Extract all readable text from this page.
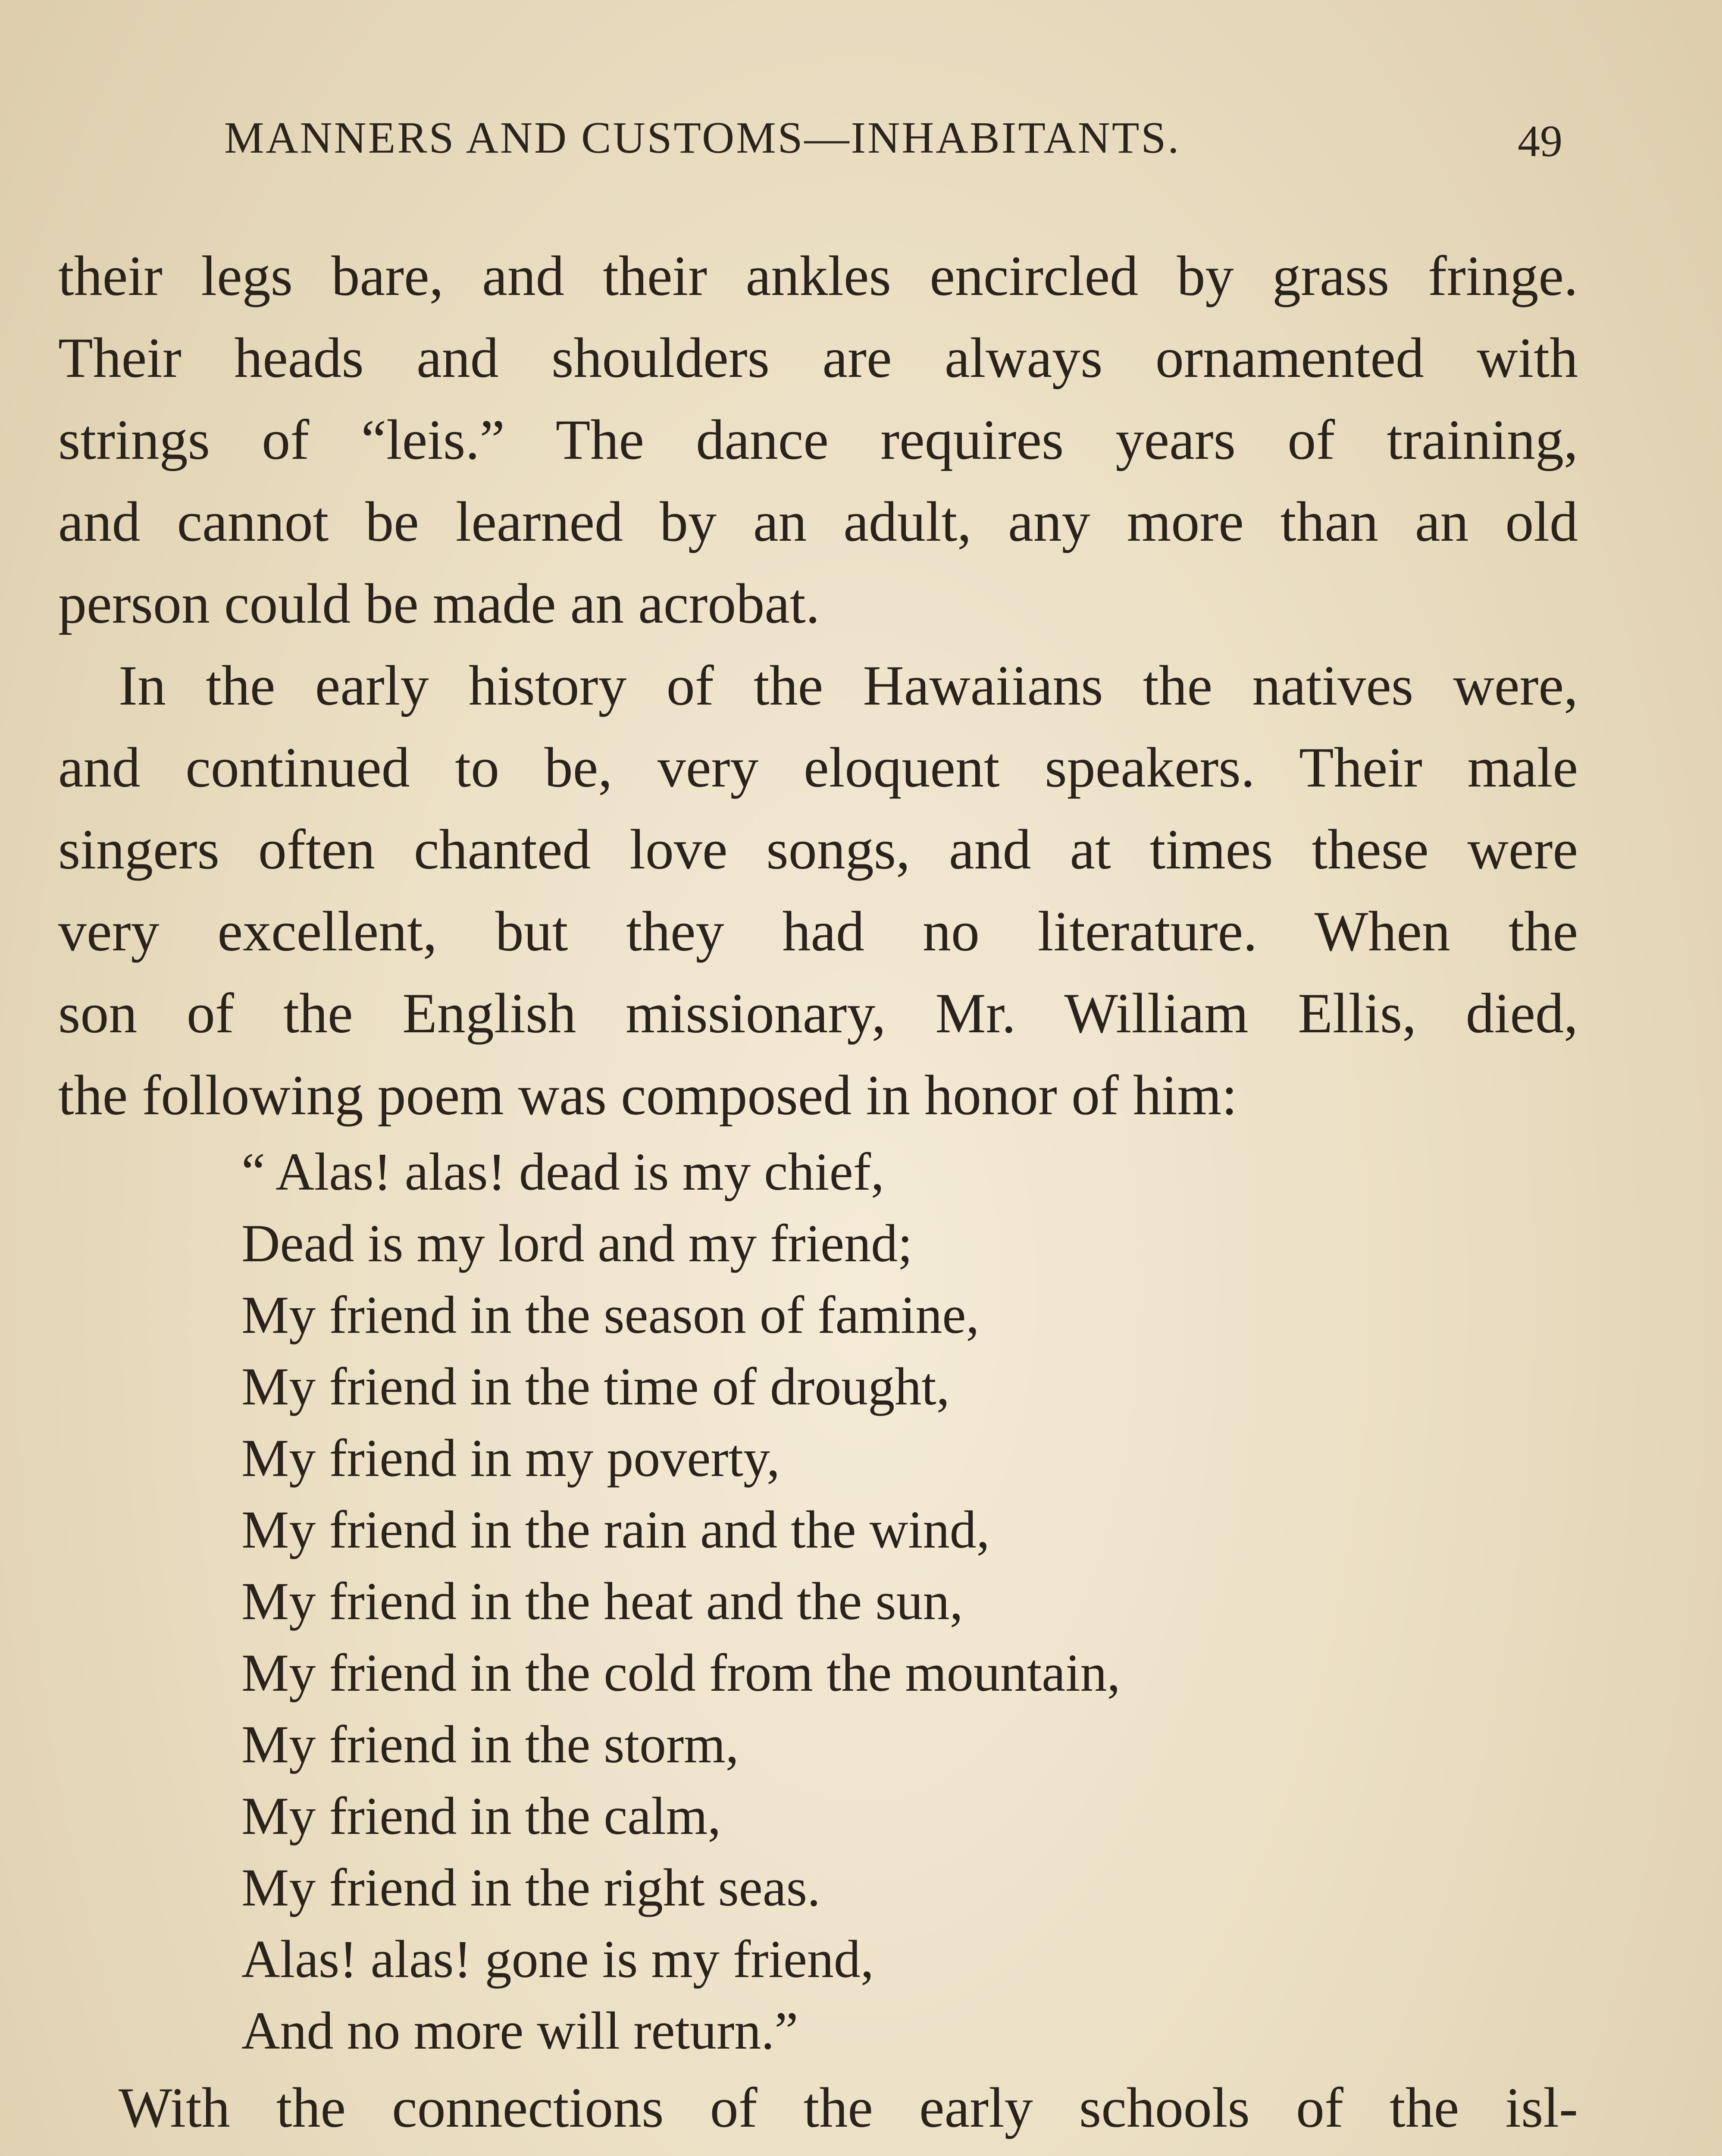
MANNERS AND CUSTOMS—INHABITANTS.	49
their legs bare, and their ankles encircled by grass fringe.
Their heads and shoulders are always ornamented with
strings of “leis.” The dance requires years of training,
and cannot be learned by an adult, any more than an old
person could be made an acrobat.
In the early history of the Hawaiians the natives were,
and continued to be, very eloquent speakers. Their male
singers often chanted love songs, and at times these were
very excellent, but they had no literature. When the
son of the English missionary, Mr. William Ellis, died,
the following poem was composed in honor of him:
“ Alas! alas! dead is my chief,
Dead is my lord and my friend;
My friend in the season of famine,
My friend in the time of drought,
My friend in my poverty,
My friend in the rain and the wind,
My friend in the heat and the sun,
My friend in the cold from the mountain,
My friend in the storm,
My friend in the calm,
My friend in the right seas.
Alas! alas! gone is my friend,
And no more will return.”
With the connections of the early schools of the isl-
